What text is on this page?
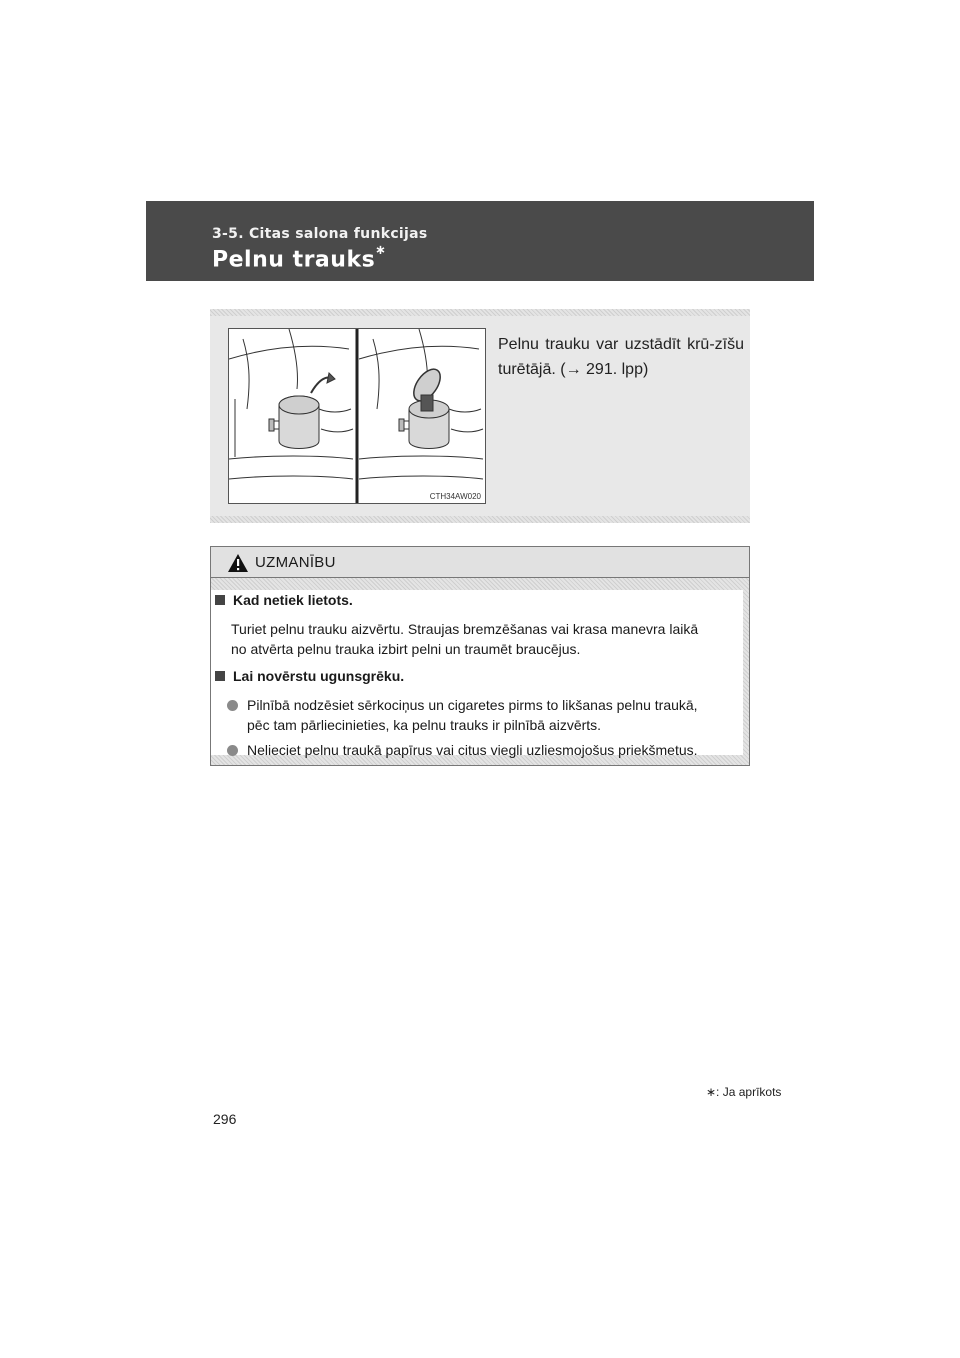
3-5. Citas salona funkcijas
Pelnu trauks∗
CTH34AW020
Pelnu trauku var uzstādīt krū-zīšu turētājā. (→ 291. lpp)
UZMANĪBU
Kad netiek lietots.
Turiet pelnu trauku aizvērtu. Straujas bremzēšanas vai krasa manevra laikā
no atvērta pelnu trauka izbirt pelni un traumēt braucējus.
Lai novērstu ugunsgrēku.
Pilnībā nodzēsiet sērkociņus un cigaretes pirms to likšanas pelnu traukā,
pēc tam pārliecinieties, ka pelnu trauks ir pilnībā aizvērts.
Nelieciet pelnu traukā papīrus vai citus viegli uzliesmojošus priekšmetus.
∗: Ja aprīkots
296
